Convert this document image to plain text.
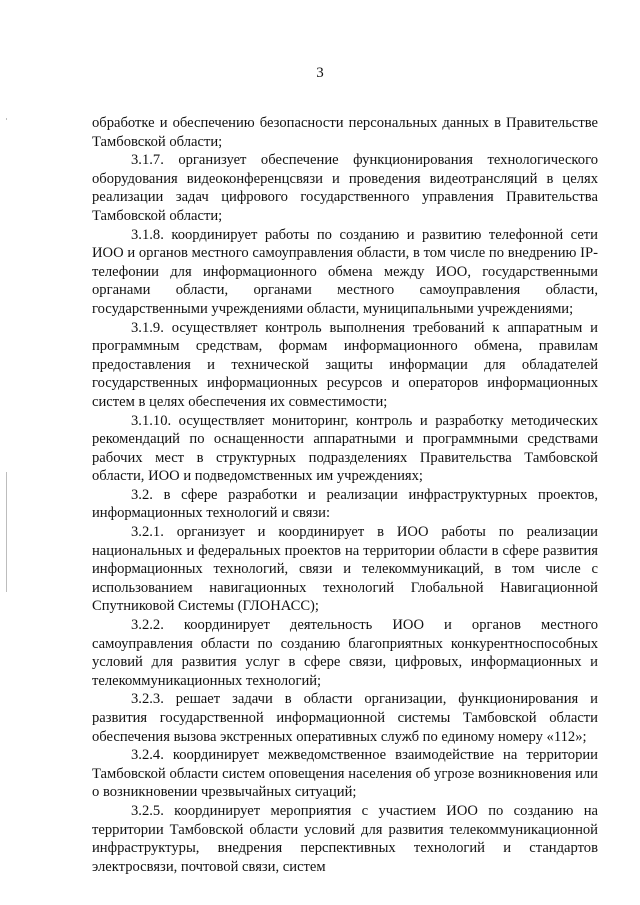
3

обработке и обеспечению безопасности персональных данных в Правительстве Тамбовской области;

3.1.7. организует обеспечение функционирования технологического оборудования видеоконференцсвязи и проведения видеотрансляций в целях реализации задач цифрового государственного управления Правительства Тамбовской области;

3.1.8. координирует работы по созданию и развитию телефонной сети ИОО и органов местного самоуправления области, в том числе по внедрению IP-телефонии для информационного обмена между ИОО, государственными органами области, органами местного самоуправления области, государственными учреждениями области, муниципальными учреждениями;

3.1.9. осуществляет контроль выполнения требований к аппаратным и программным средствам, формам информационного обмена, правилам предоставления и технической защиты информации для обладателей государственных информационных ресурсов и операторов информационных систем в целях обеспечения их совместимости;

3.1.10. осуществляет мониторинг, контроль и разработку методических рекомендаций по оснащенности аппаратными и программными средствами рабочих мест в структурных подразделениях Правительства Тамбовской области, ИОО и подведомственных им учреждениях;

3.2. в сфере разработки и реализации инфраструктурных проектов, информационных технологий и связи:

3.2.1. организует и координирует в ИОО работы по реализации национальных и федеральных проектов на территории области в сфере развития информационных технологий, связи и телекоммуникаций, в том числе с использованием навигационных технологий Глобальной Навигационной Спутниковой Системы (ГЛОНАСС);

3.2.2. координирует деятельность ИОО и органов местного самоуправления области по созданию благоприятных конкурентноспособных условий для развития услуг в сфере связи, цифровых, информационных и телекоммуникационных технологий;

3.2.3. решает задачи в области организации, функционирования и развития государственной информационной системы Тамбовской области обеспечения вызова экстренных оперативных служб по единому номеру «112»;

3.2.4. координирует межведомственное взаимодействие на территории Тамбовской области систем оповещения населения об угрозе возникновения или о возникновении чрезвычайных ситуаций;

3.2.5. координирует мероприятия с участием ИОО по созданию на территории Тамбовской области условий для развития телекоммуникационной инфраструктуры, внедрения перспективных технологий и стандартов электросвязи, почтовой связи, систем
